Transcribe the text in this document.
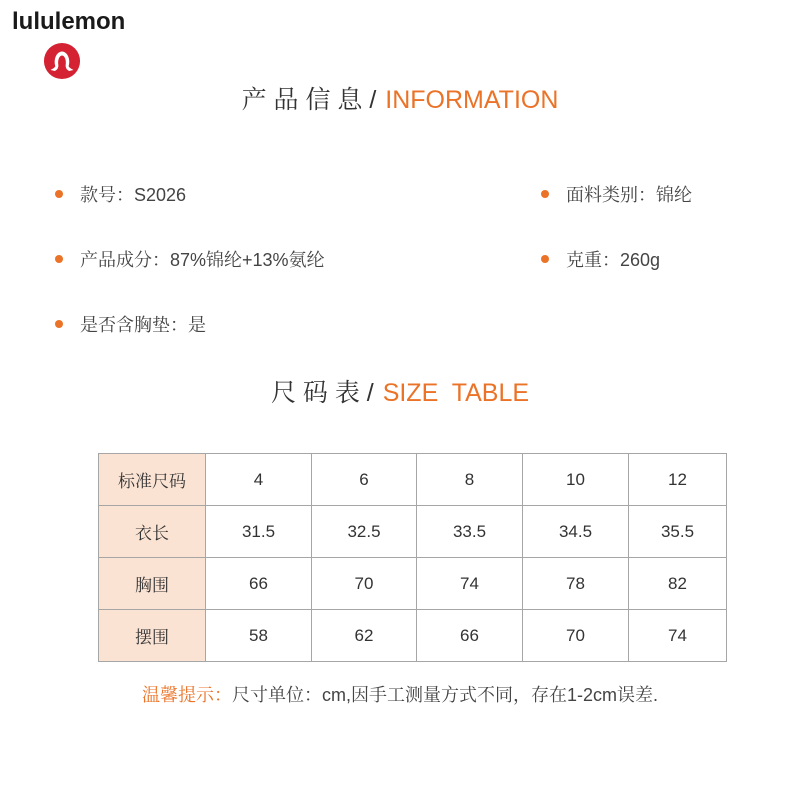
lululemon
产 品 信 息 / INFORMATION
款号：S2026	面料类别：锦纶
产品成分：87%锦纶+13%氨纶	克重：260g
是否含胸垫：是
尺 码 表 / SIZE  TABLE
标准尺码	4	6	8	10	12
衣长	31.5	32.5	33.5	34.5	35.5
胸围	66	70	74	78	82
摆围	58	62	66	70	74
温馨提示：尺寸单位：cm,因手工测量方式不同，存在1-2cm误差.
